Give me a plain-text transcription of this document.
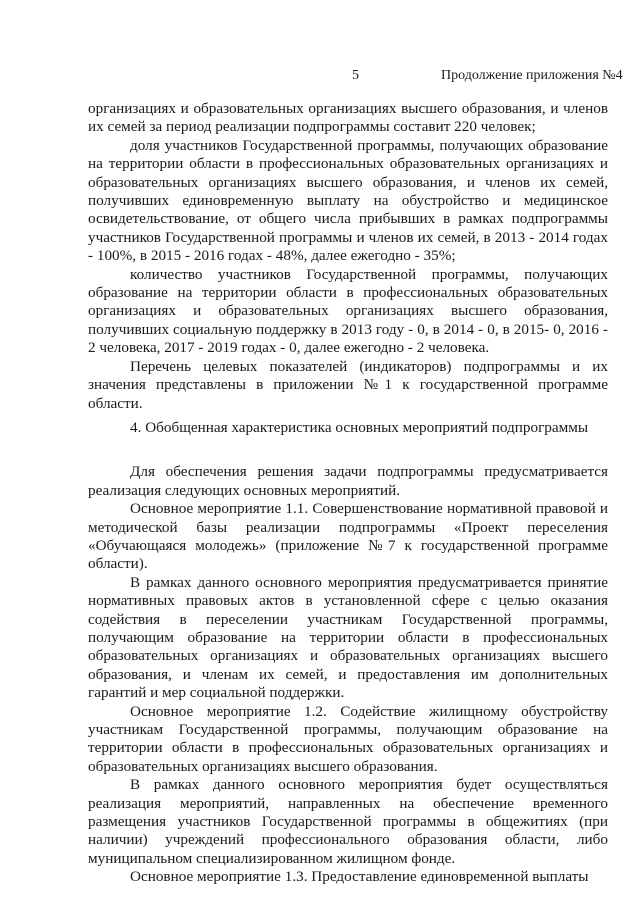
5	Продолжение приложения №4

организациях и образовательных организациях высшего образования, и членов их семей за период реализации подпрограммы составит 220 человек;

доля участников Государственной программы, получающих образование на территории области в профессиональных образовательных организациях и образовательных организациях высшего образования, и членов их семей, получивших единовременную выплату на обустройство и медицинское освидетельствование, от общего числа прибывших в рамках подпрограммы участников Государственной программы и членов их семей, в 2013 - 2014 годах - 100%, в 2015 - 2016 годах - 48%, далее ежегодно - 35%;

количество участников Государственной программы, получающих образование на территории области в профессиональных образовательных организациях и образовательных организациях высшего образования, получивших социальную поддержку в 2013 году - 0, в 2014 - 0, в 2015- 0, 2016 - 2 человека, 2017 - 2019 годах - 0, далее ежегодно - 2 человека.

Перечень целевых показателей (индикаторов) подпрограммы и их значения представлены в приложении №1 к государственной программе области.

4. Обобщенная характеристика основных мероприятий подпрограммы

Для обеспечения решения задачи подпрограммы предусматривается реализация следующих основных мероприятий.

Основное мероприятие 1.1. Совершенствование нормативной правовой и методической базы реализации подпрограммы «Проект переселения «Обучающаяся молодежь» (приложение №7 к государственной программе области).

В рамках данного основного мероприятия предусматривается принятие нормативных правовых актов в установленной сфере с целью оказания содействия в переселении участникам Государственной программы, получающим образование на территории области в профессиональных образовательных организациях и образовательных организациях высшего образования, и членам их семей, и предоставления им дополнительных гарантий и мер социальной поддержки.

Основное мероприятие 1.2. Содействие жилищному обустройству участникам Государственной программы, получающим образование на территории области в профессиональных образовательных организациях и образовательных организациях высшего образования.

В рамках данного основного мероприятия будет осуществляться реализация мероприятий, направленных на обеспечение временного размещения участников Государственной программы в общежитиях (при наличии) учреждений профессионального образования области, либо муниципальном специализированном жилищном фонде.

Основное мероприятие 1.3. Предоставление единовременной выплаты
